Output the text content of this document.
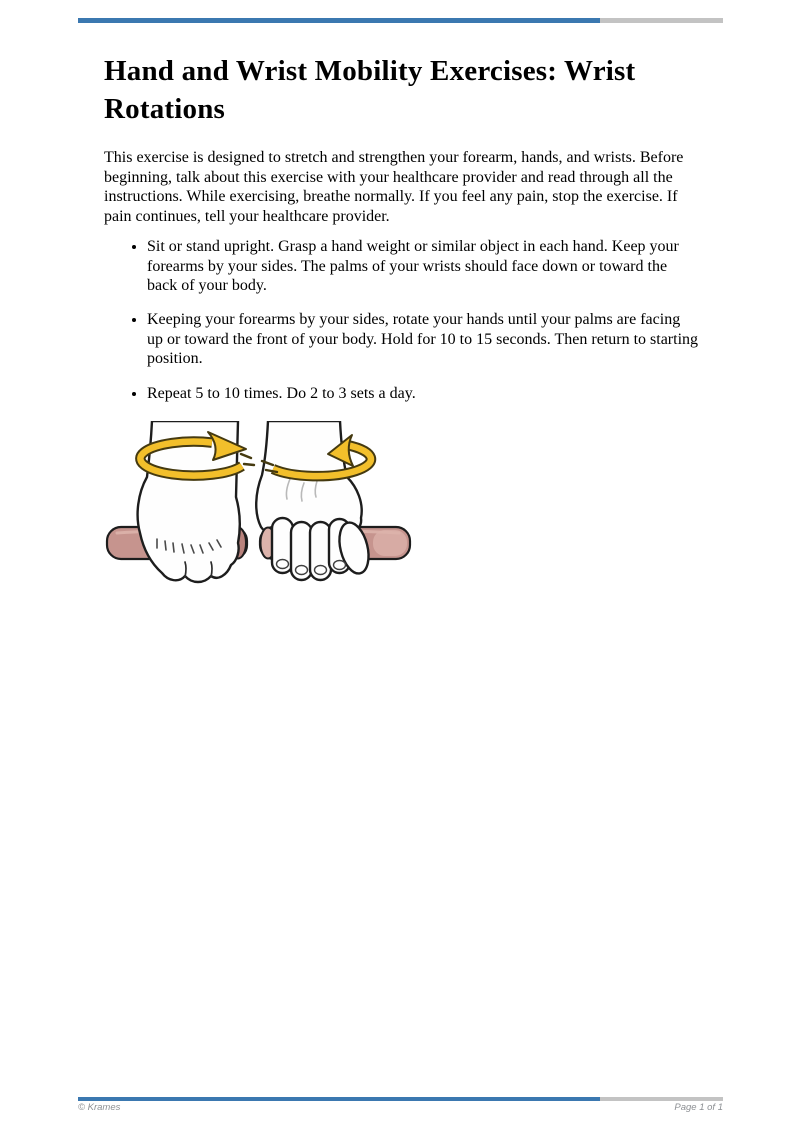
Hand and Wrist Mobility Exercises: Wrist Rotations

This exercise is designed to stretch and strengthen your forearm, hands, and wrists. Before beginning, talk about this exercise with your healthcare provider and read through all the instructions. While exercising, breathe normally. If you feel any pain, stop the exercise. If pain continues, tell your healthcare provider.

• Sit or stand upright. Grasp a hand weight or similar object in each hand. Keep your forearms by your sides. The palms of your wrists should face down or toward the back of your body.
• Keeping your forearms by your sides, rotate your hands until your palms are facing up or toward the front of your body. Hold for 10 to 15 seconds. Then return to starting position.
• Repeat 5 to 10 times. Do 2 to 3 sets a day.
© Krames	Page 1 of 1
